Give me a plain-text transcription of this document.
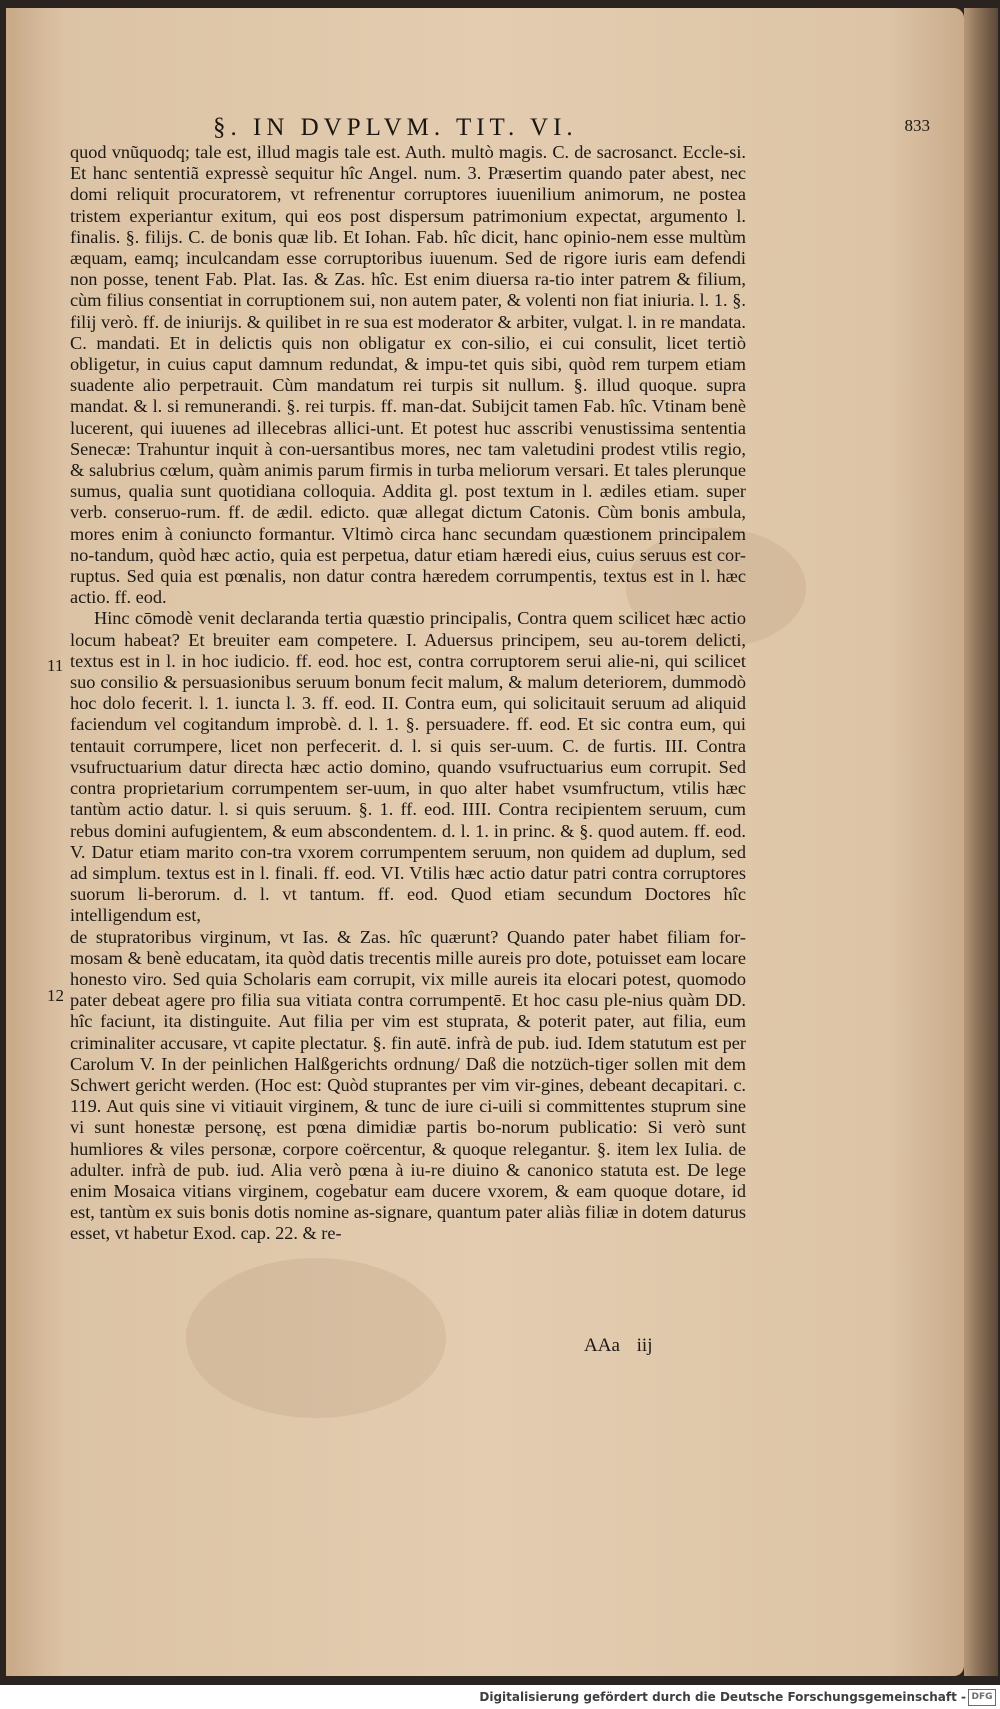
§. IN DVPLVM. TIT. VI.	833

quod vnũquodq; tale est, illud magis tale est. Auth. multò magis. C. de sacrosanct. Eccle-si. Et hanc sententiã expressè sequitur hîc Angel. num. 3. Præsertim quando pater abest, nec domi reliquit procuratorem, vt refrenentur corruptores iuuenilium animorum, ne postea tristem experiantur exitum, qui eos post dispersum patrimonium expectat, argumento l. finalis. §. filijs. C. de bonis quæ lib. Et Iohan. Fab. hîc dicit, hanc opinio-nem esse multùm æquam, eamq; inculcandam esse corruptoribus iuuenum. Sed de rigore iuris eam defendi non posse, tenent Fab. Plat. Ias. & Zas. hîc. Est enim diuersa ra-tio inter patrem & filium, cùm filius consentiat in corruptionem sui, non autem pater, & volenti non fiat iniuria. l. 1. §. filij verò. ff. de iniurijs. & quilibet in re sua est moderator & arbiter, vulgat. l. in re mandata. C. mandati. Et in delictis quis non obligatur ex con-silio, ei cui consulit, licet tertiò obligetur, in cuius caput damnum redundat, & impu-tet quis sibi, quòd rem turpem etiam suadente alio perpetrauit. Cùm mandatum rei turpis sit nullum. §. illud quoque. supra mandat. & l. si remunerandi. §. rei turpis. ff. man-dat. Subijcit tamen Fab. hîc. Vtinam benè lucerent, qui iuuenes ad illecebras allici-unt. Et potest huc asscribi venustissima sententia Senecæ: Trahuntur inquit à con-uersantibus mores, nec tam valetudini prodest vtilis regio, & salubrius cœlum, quàm animis parum firmis in turba meliorum versari. Et tales plerunque sumus, qualia sunt quotidiana colloquia. Addita gl. post textum in l. ædiles etiam. super verb. conseruo-rum. ff. de ædil. edicto. quæ allegat dictum Catonis. Cùm bonis ambula, mores enim à coniuncto formantur. Vltimò circa hanc secundam quæstionem principalem no-tandum, quòd hæc actio, quia est perpetua, datur etiam hæredi eius, cuius seruus est cor-ruptus. Sed quia est pœnalis, non datur contra hæredem corrumpentis, textus est in l. hæc actio. ff. eod.

Hinc cōmodè venit declaranda tertia quæstio principalis, Contra quem scilicet hæc actio locum habeat? Et breuiter eam competere. I. Aduersus principem, seu au-torem delicti, textus est in l. in hoc iudicio. ff. eod. hoc est, contra corruptorem serui alie-ni, qui scilicet suo consilio & persuasionibus seruum bonum fecit malum, & malum deteriorem, dummodò hoc dolo fecerit. l. 1. iuncta l. 3. ff. eod. II. Contra eum, qui solicitauit seruum ad aliquid faciendum vel cogitandum improbè. d. l. 1. §. persuadere. ff. eod. Et sic contra eum, qui tentauit corrumpere, licet non perfecerit. d. l. si quis ser-uum. C. de furtis. III. Contra vsufructuarium datur directa hæc actio domino, quando vsufructuarius eum corrupit. Sed contra proprietarium corrumpentem ser-uum, in quo alter habet vsumfructum, vtilis hæc tantùm actio datur. l. si quis seruum. §. 1. ff. eod. IIII. Contra recipientem seruum, cum rebus domini aufugientem, & eum abscondentem. d. l. 1. in princ. & §. quod autem. ff. eod. V. Datur etiam marito con-tra vxorem corrumpentem seruum, non quidem ad duplum, sed ad simplum. textus est in l. finali. ff. eod. VI. Vtilis hæc actio datur patri contra corruptores suorum li-berorum. d. l. vt tantum. ff. eod. Quod etiam secundum Doctores hîc intelligendum est,

de stupratoribus virginum, vt Ias. & Zas. hîc quærunt? Quando pater habet filiam for-mosam & benè educatam, ita quòd datis trecentis mille aureis pro dote, potuisset eam locare honesto viro. Sed quia Scholaris eam corrupit, vix mille aureis ita elocari potest, quomodo pater debeat agere pro filia sua vitiata contra corrumpentē. Et hoc casu ple-nius quàm DD. hîc faciunt, ita distinguite. Aut filia per vim est stuprata, & poterit pater, aut filia, eum criminaliter accusare, vt capite plectatur. §. fin autē. infrà de pub. iud. Idem statutum est per Carolum V. In der peinlichen Halßgerichts ordnung/ Daß die notzüch-tiger sollen mit dem Schwert gericht werden. (Hoc est: Quòd stuprantes per vim vir-gines, debeant decapitari. c. 119. Aut quis sine vi vitiauit virginem, & tunc de iure ci-uili si committentes stuprum sine vi sunt honestæ personę, est pœna dimidiæ partis bo-norum publicatio: Si verò sunt humliores & viles personæ, corpore coërcentur, & quoque relegantur. §. item lex Iulia. de adulter. infrà de pub. iud. Alia verò pœna à iu-re diuino & canonico statuta est. De lege enim Mosaica vitians virginem, cogebatur eam ducere vxorem, & eam quoque dotare, id est, tantùm ex suis bonis dotis nomine as-signare, quantum pater aliàs filiæ in dotem daturus esset, vt habetur Exod. cap. 22. & re-

11
12
AAa iij
Digitalisierung gefördert durch die Deutsche Forschungsgemeinschaft - DFG
